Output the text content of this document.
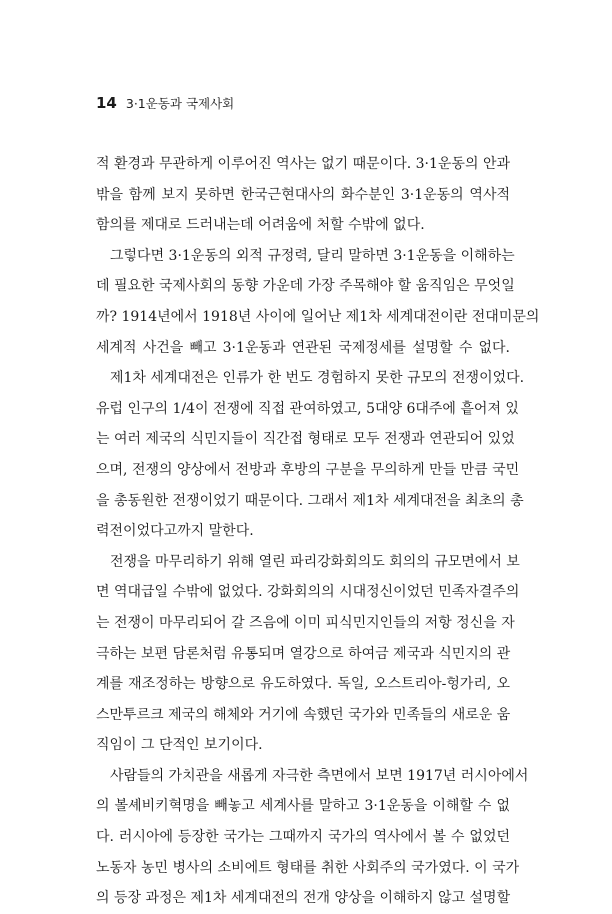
14 3·1운동과 국제사회
적 환경과 무관하게 이루어진 역사는 없기 때문이다. 3·1운동의 안과
밖을 함께 보지 못하면 한국근현대사의 화수분인 3·1운동의 역사적
함의를 제대로 드러내는데 어려움에 처할 수밖에 없다.
그렇다면 3·1운동의 외적 규정력, 달리 말하면 3·1운동을 이해하는
데 필요한 국제사회의 동향 가운데 가장 주목해야 할 움직임은 무엇일
까? 1914년에서 1918년 사이에 일어난 제1차 세계대전이란 전대미문의
세계적 사건을 빼고 3·1운동과 연관된 국제정세를 설명할 수 없다.
제1차 세계대전은 인류가 한 번도 경험하지 못한 규모의 전쟁이었다.
유럽 인구의 1/4이 전쟁에 직접 관여하였고, 5대양 6대주에 흩어져 있
는 여러 제국의 식민지들이 직간접 형태로 모두 전쟁과 연관되어 있었
으며, 전쟁의 양상에서 전방과 후방의 구분을 무의하게 만들 만큼 국민
을 총동원한 전쟁이었기 때문이다. 그래서 제1차 세계대전을 최초의 총
력전이었다고까지 말한다.
전쟁을 마무리하기 위해 열린 파리강화회의도 회의의 규모면에서 보
면 역대급일 수밖에 없었다. 강화회의의 시대정신이었던 민족자결주의
는 전쟁이 마무리되어 갈 즈음에 이미 피식민지인들의 저항 정신을 자
극하는 보편 담론처럼 유통되며 열강으로 하여금 제국과 식민지의 관
계를 재조정하는 방향으로 유도하였다. 독일, 오스트리아-헝가리, 오
스만투르크 제국의 해체와 거기에 속했던 국가와 민족들의 새로운 움
직임이 그 단적인 보기이다.
사람들의 가치관을 새롭게 자극한 측면에서 보면 1917년 러시아에서
의 볼셰비키혁명을 빼놓고 세계사를 말하고 3·1운동을 이해할 수 없
다. 러시아에 등장한 국가는 그때까지 국가의 역사에서 볼 수 없었던
노동자 농민 병사의 소비에트 형태를 취한 사회주의 국가였다. 이 국가
의 등장 과정은 제1차 세계대전의 전개 양상을 이해하지 않고 설명할
